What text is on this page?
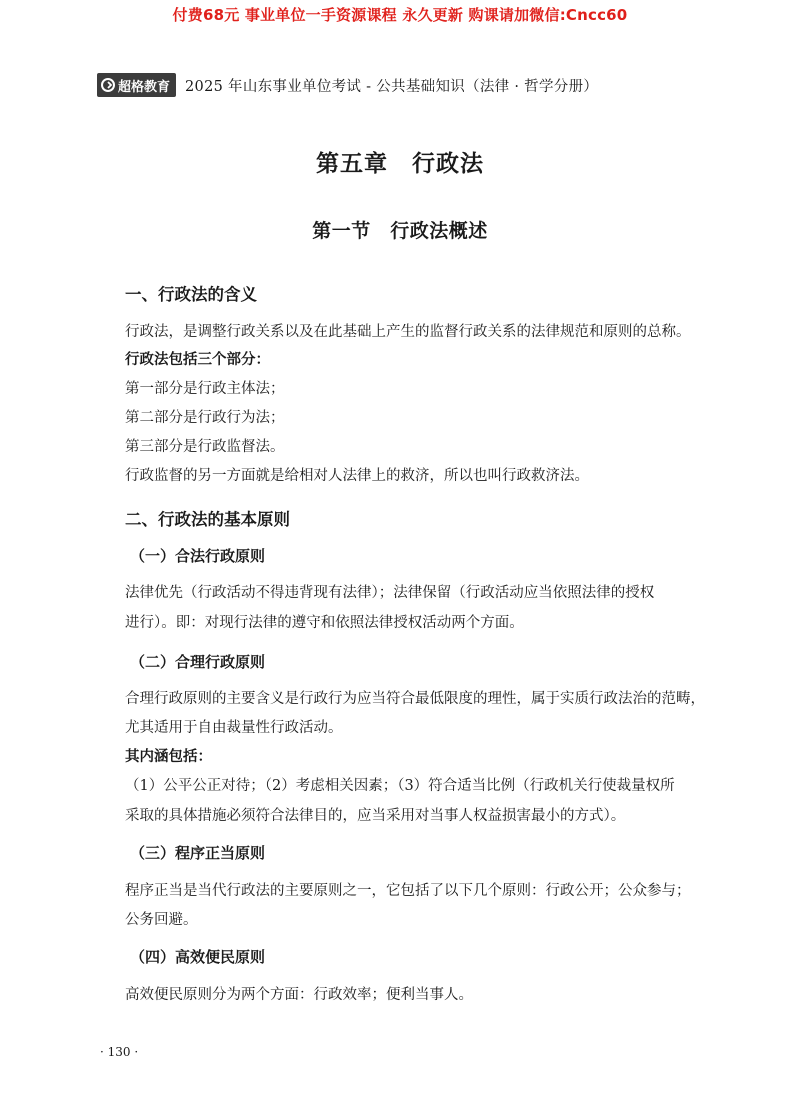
付费68元 事业单位一手资源课程 永久更新 购课请加微信:Cncc60
超格教育 2025 年山东事业单位考试 - 公共基础知识（法律 · 哲学分册）
第五章　行政法
第一节　行政法概述
一、行政法的含义
行政法，是调整行政关系以及在此基础上产生的监督行政关系的法律规范和原则的总称。
行政法包括三个部分：
第一部分是行政主体法；
第二部分是行政行为法；
第三部分是行政监督法。
行政监督的另一方面就是给相对人法律上的救济，所以也叫行政救济法。
二、行政法的基本原则
（一）合法行政原则
法律优先（行政活动不得违背现有法律）；法律保留（行政活动应当依照法律的授权
进行）。即：对现行法律的遵守和依照法律授权活动两个方面。
（二）合理行政原则
合理行政原则的主要含义是行政行为应当符合最低限度的理性，属于实质行政法治的范畴，
尤其适用于自由裁量性行政活动。
其内涵包括：
（1）公平公正对待；（2）考虑相关因素；（3）符合适当比例（行政机关行使裁量权所
采取的具体措施必须符合法律目的，应当采用对当事人权益损害最小的方式）。
（三）程序正当原则
程序正当是当代行政法的主要原则之一，它包括了以下几个原则：行政公开；公众参与；
公务回避。
（四）高效便民原则
高效便民原则分为两个方面：行政效率；便利当事人。
· 130 ·
